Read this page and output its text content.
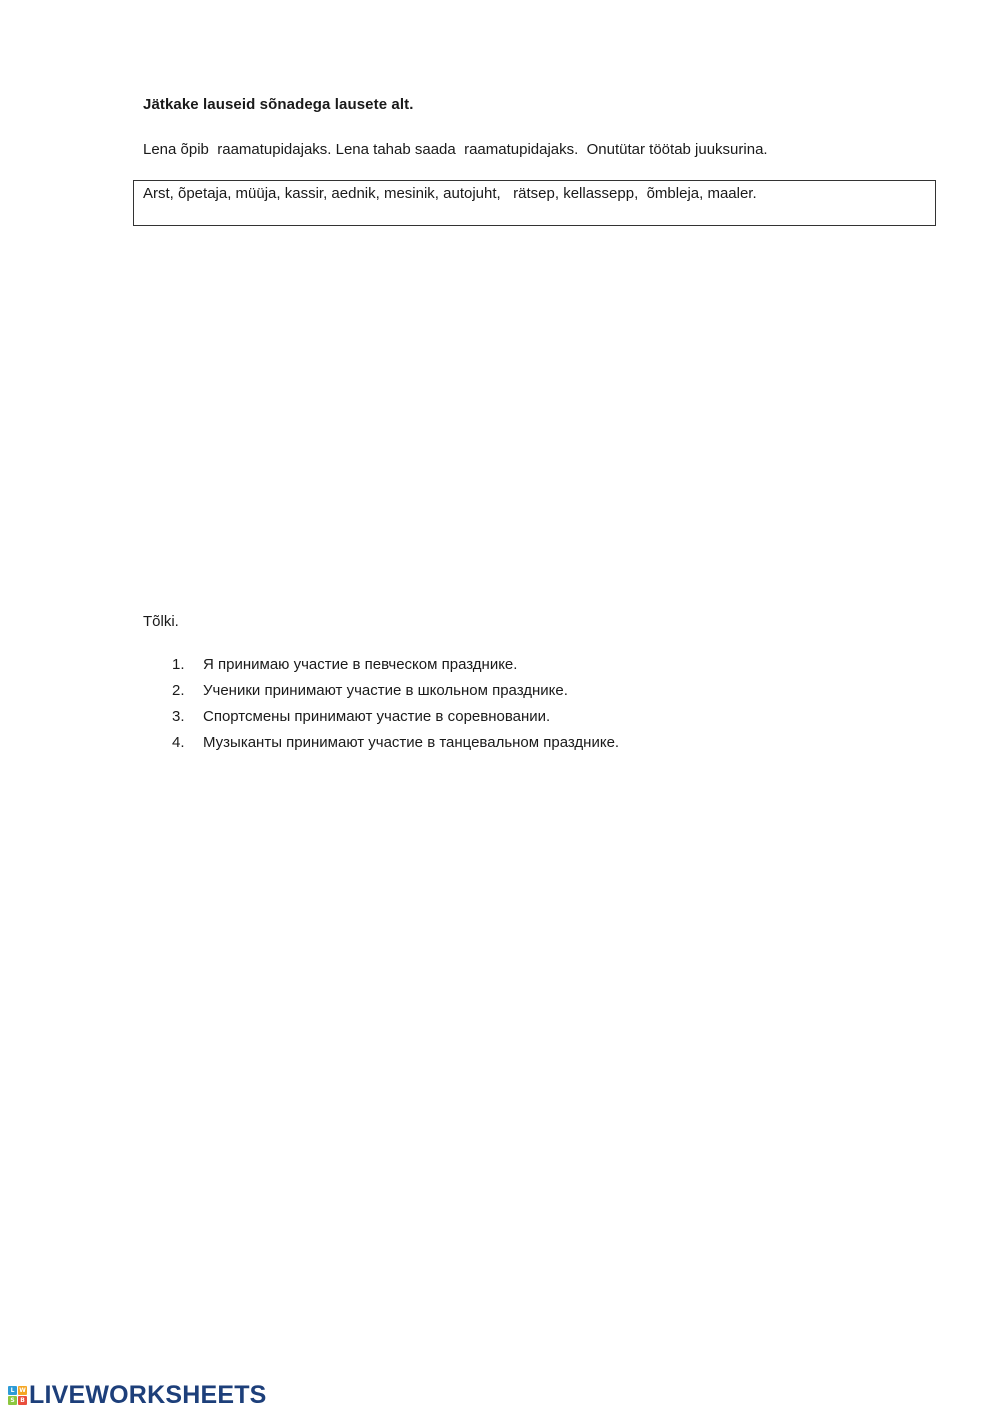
Jätkake lauseid sõnadega lausete alt.
Lena õpib  raamatupidajaks. Lena tahab saada  raamatupidajaks.  Onutütar töötab juuksurina.
Arst, õpetaja, müüja, kassir, aednik, mesinik, autojuht,   rätsep, kellassepp,  õmbleja, maaler.
Tõlki.
1.	Я принимаю участие в певческом празднике.
2.	Ученики принимают участие в школьном празднике.
3.	Спортсмены принимают участие в соревновании.
4.	Музыканты принимают участие в танцевальном празднике.
L W
S B LIVEWORKSHEETS
